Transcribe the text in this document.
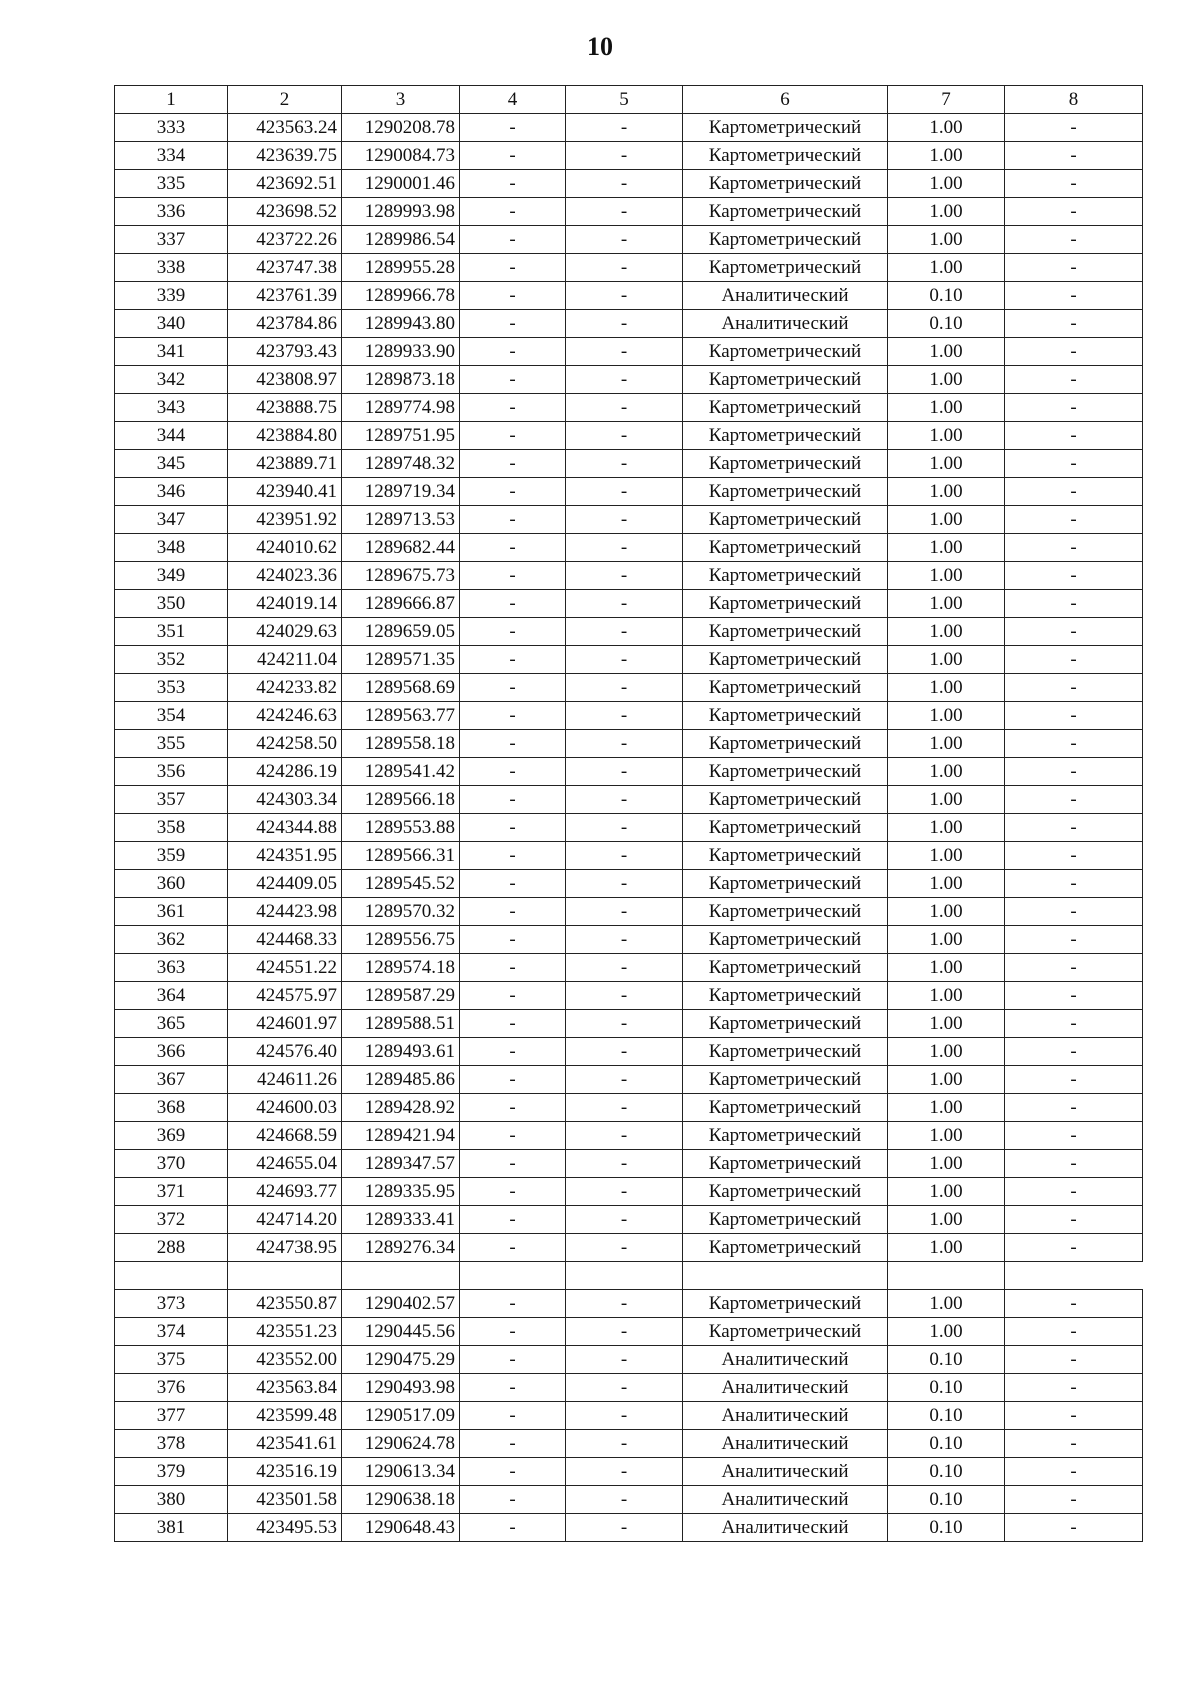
10
1	2	3	4	5	6	7	8
333	423563.24	1290208.78	-	-	Картометрический	1.00	-
334	423639.75	1290084.73	-	-	Картометрический	1.00	-
335	423692.51	1290001.46	-	-	Картометрический	1.00	-
336	423698.52	1289993.98	-	-	Картометрический	1.00	-
337	423722.26	1289986.54	-	-	Картометрический	1.00	-
338	423747.38	1289955.28	-	-	Картометрический	1.00	-
339	423761.39	1289966.78	-	-	Аналитический	0.10	-
340	423784.86	1289943.80	-	-	Аналитический	0.10	-
341	423793.43	1289933.90	-	-	Картометрический	1.00	-
342	423808.97	1289873.18	-	-	Картометрический	1.00	-
343	423888.75	1289774.98	-	-	Картометрический	1.00	-
344	423884.80	1289751.95	-	-	Картометрический	1.00	-
345	423889.71	1289748.32	-	-	Картометрический	1.00	-
346	423940.41	1289719.34	-	-	Картометрический	1.00	-
347	423951.92	1289713.53	-	-	Картометрический	1.00	-
348	424010.62	1289682.44	-	-	Картометрический	1.00	-
349	424023.36	1289675.73	-	-	Картометрический	1.00	-
350	424019.14	1289666.87	-	-	Картометрический	1.00	-
351	424029.63	1289659.05	-	-	Картометрический	1.00	-
352	424211.04	1289571.35	-	-	Картометрический	1.00	-
353	424233.82	1289568.69	-	-	Картометрический	1.00	-
354	424246.63	1289563.77	-	-	Картометрический	1.00	-
355	424258.50	1289558.18	-	-	Картометрический	1.00	-
356	424286.19	1289541.42	-	-	Картометрический	1.00	-
357	424303.34	1289566.18	-	-	Картометрический	1.00	-
358	424344.88	1289553.88	-	-	Картометрический	1.00	-
359	424351.95	1289566.31	-	-	Картометрический	1.00	-
360	424409.05	1289545.52	-	-	Картометрический	1.00	-
361	424423.98	1289570.32	-	-	Картометрический	1.00	-
362	424468.33	1289556.75	-	-	Картометрический	1.00	-
363	424551.22	1289574.18	-	-	Картометрический	1.00	-
364	424575.97	1289587.29	-	-	Картометрический	1.00	-
365	424601.97	1289588.51	-	-	Картометрический	1.00	-
366	424576.40	1289493.61	-	-	Картометрический	1.00	-
367	424611.26	1289485.86	-	-	Картометрический	1.00	-
368	424600.03	1289428.92	-	-	Картометрический	1.00	-
369	424668.59	1289421.94	-	-	Картометрический	1.00	-
370	424655.04	1289347.57	-	-	Картометрический	1.00	-
371	424693.77	1289335.95	-	-	Картометрический	1.00	-
372	424714.20	1289333.41	-	-	Картометрический	1.00	-
288	424738.95	1289276.34	-	-	Картометрический	1.00	-

373	423550.87	1290402.57	-	-	Картометрический	1.00	-
374	423551.23	1290445.56	-	-	Картометрический	1.00	-
375	423552.00	1290475.29	-	-	Аналитический	0.10	-
376	423563.84	1290493.98	-	-	Аналитический	0.10	-
377	423599.48	1290517.09	-	-	Аналитический	0.10	-
378	423541.61	1290624.78	-	-	Аналитический	0.10	-
379	423516.19	1290613.34	-	-	Аналитический	0.10	-
380	423501.58	1290638.18	-	-	Аналитический	0.10	-
381	423495.53	1290648.43	-	-	Аналитический	0.10	-
